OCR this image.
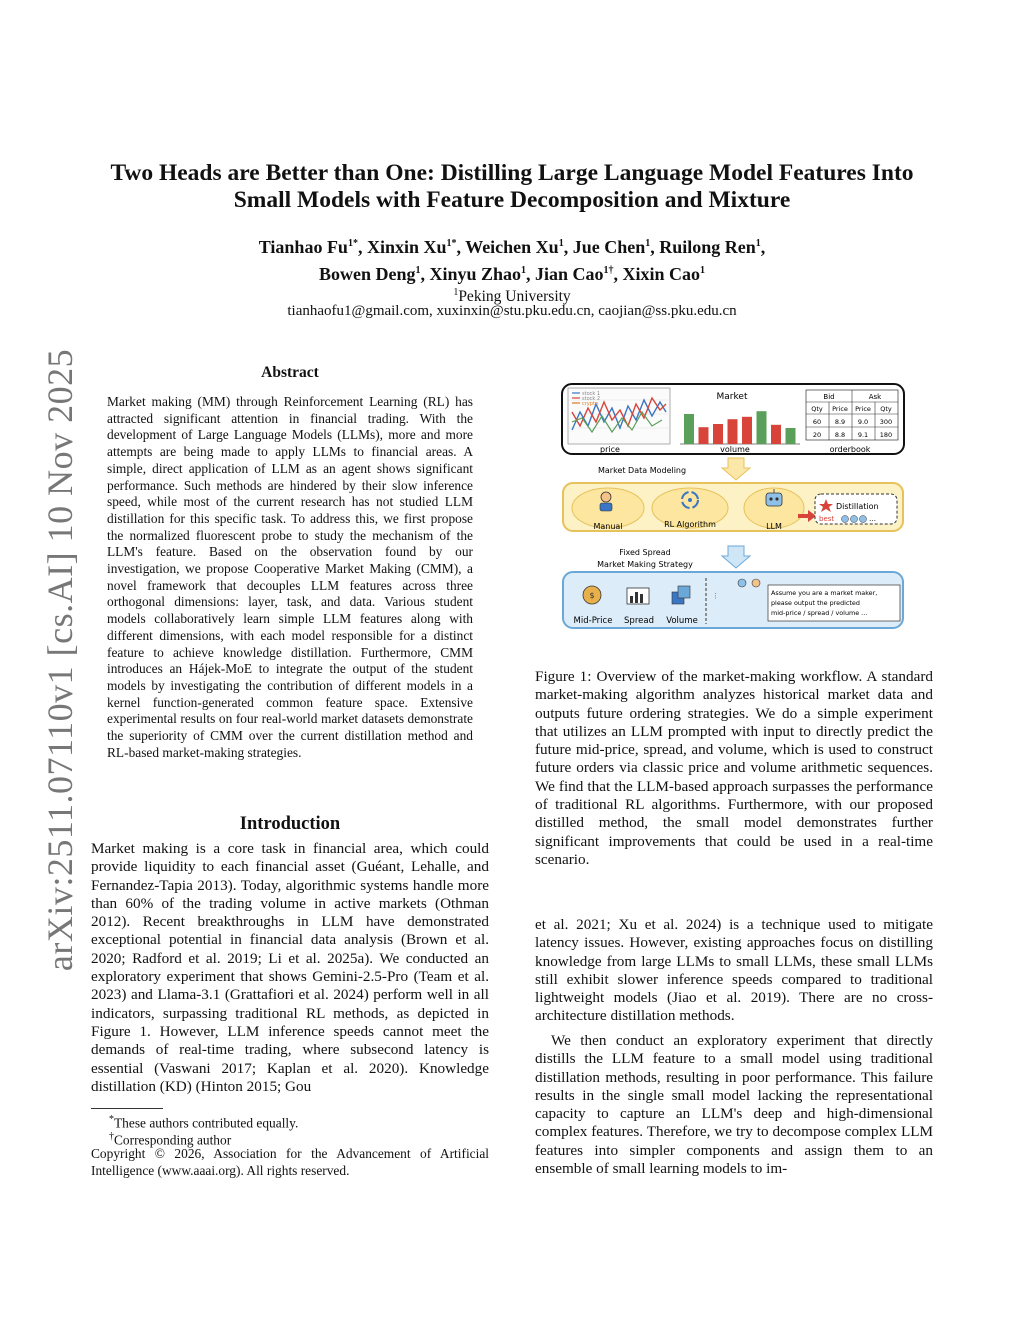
arXiv:2511.07110v1 [cs.AI] 10 Nov 2025
Two Heads are Better than One: Distilling Large Language Model Features Into
Small Models with Feature Decomposition and Mixture
Tianhao $Fu^{1*}$, Xinxin $Xu^{1*}$, Weichen Xu$^1$, Jue Chen$^1$, Ruilong Ren$^1$,
Bowen Deng$^1$, Xinyu Zhao$^1$, Jian Cao$^{1\dagger}$, Xixin Cao$^1$
$^1$Peking University
tianhaofu1@gmail.com, xuxinxin@stu.pku.edu.cn, caojian@ss.pku.edu.cn
Abstract
Market making (MM) through Reinforcement Learning (RL) has attracted significant attention in financial trading. With the development of Large Language Models (LLMs), more and more attempts are being made to apply LLMs to financial areas. A simple, direct application of LLM as an agent shows significant performance. Such methods are hindered by their slow inference speed, while most of the current research has not studied LLM distillation for this specific task. To address this, we first propose the normalized fluorescent probe to study the mechanism of the LLM's feature. Based on the observation found by our investigation, we propose Cooperative Market Making (CMM), a novel framework that decouples LLM features across three orthogonal dimensions: layer, task, and data. Various student models collaboratively learn simple LLM features along with different dimensions, with each model responsible for a distinct feature to achieve knowledge distillation. Furthermore, CMM introduces an Hájek-MoE to integrate the output of the student models by investigating the contribution of different models in a kernel function-generated common feature space. Extensive experimental results on four real-world market datasets demonstrate the superiority of CMM over the current distillation method and RL-based market-making strategies.
Introduction
Market making is a core task in financial area, which could provide liquidity to each financial asset (Guéant, Lehalle, and Fernandez-Tapia 2013). Today, algorithmic systems handle more than 60% of the trading volume in active markets (Othman 2012). Recent breakthroughs in LLM have demonstrated exceptional potential in financial data analysis (Brown et al. 2020; Radford et al. 2019; Li et al. 2025a). We conducted an exploratory experiment that shows Gemini-2.5-Pro (Team et al. 2023) and Llama-3.1 (Grattafiori et al. 2024) perform well in all indicators, surpassing traditional RL methods, as depicted in Figure 1. However, LLM inference speeds cannot meet the demands of real-time trading, where subsecond latency is essential (Vaswani 2017; Kaplan et al. 2020). Knowledge distillation (KD) (Hinton 2015; Gou
*These authors contributed equally.
†Corresponding author
Copyright © 2026, Association for the Advancement of Artificial Intelligence (www.aaai.org). All rights reserved.
stock 1
stock 2
crypto
price
Market
volume
Bid	Ask
Qty Price Price Qty
60 8.9 9.0 300
20 8.8 9.1 180
orderbook
Market Data Modeling
Manual	RL Algorithm	LLM
Distillation
best	…
Fixed Spread
Market Making Strategy
$
Mid-Price Spread Volume
⋮	Assume you are a market maker,
please output the predicted
mid-price / spread / volume ...
Figure 1: Overview of the market-making workflow. A standard market-making algorithm analyzes historical market data and outputs future ordering strategies. We do a simple experiment that utilizes an LLM prompted with input to directly predict the future mid-price, spread, and volume, which is used to construct future orders via classic price and volume arithmetic sequences. We find that the LLM-based approach surpasses the performance of traditional RL algorithms. Furthermore, with our proposed distilled method, the small model demonstrates further significant improvements that could be used in a real-time scenario.
et al. 2021; Xu et al. 2024) is a technique used to mitigate latency issues. However, existing approaches focus on distilling knowledge from large LLMs to small LLMs, these small LLMs still exhibit slower inference speeds compared to traditional lightweight models (Jiao et al. 2019). There are no cross-architecture distillation methods.
We then conduct an exploratory experiment that directly distills the LLM feature to a small model using traditional distillation methods, resulting in poor performance. This failure results in the single small model lacking the representational capacity to capture an LLM's deep and high-dimensional complex features. Therefore, we try to decompose complex LLM features into simpler components and assign them to an ensemble of small learning models to im-
